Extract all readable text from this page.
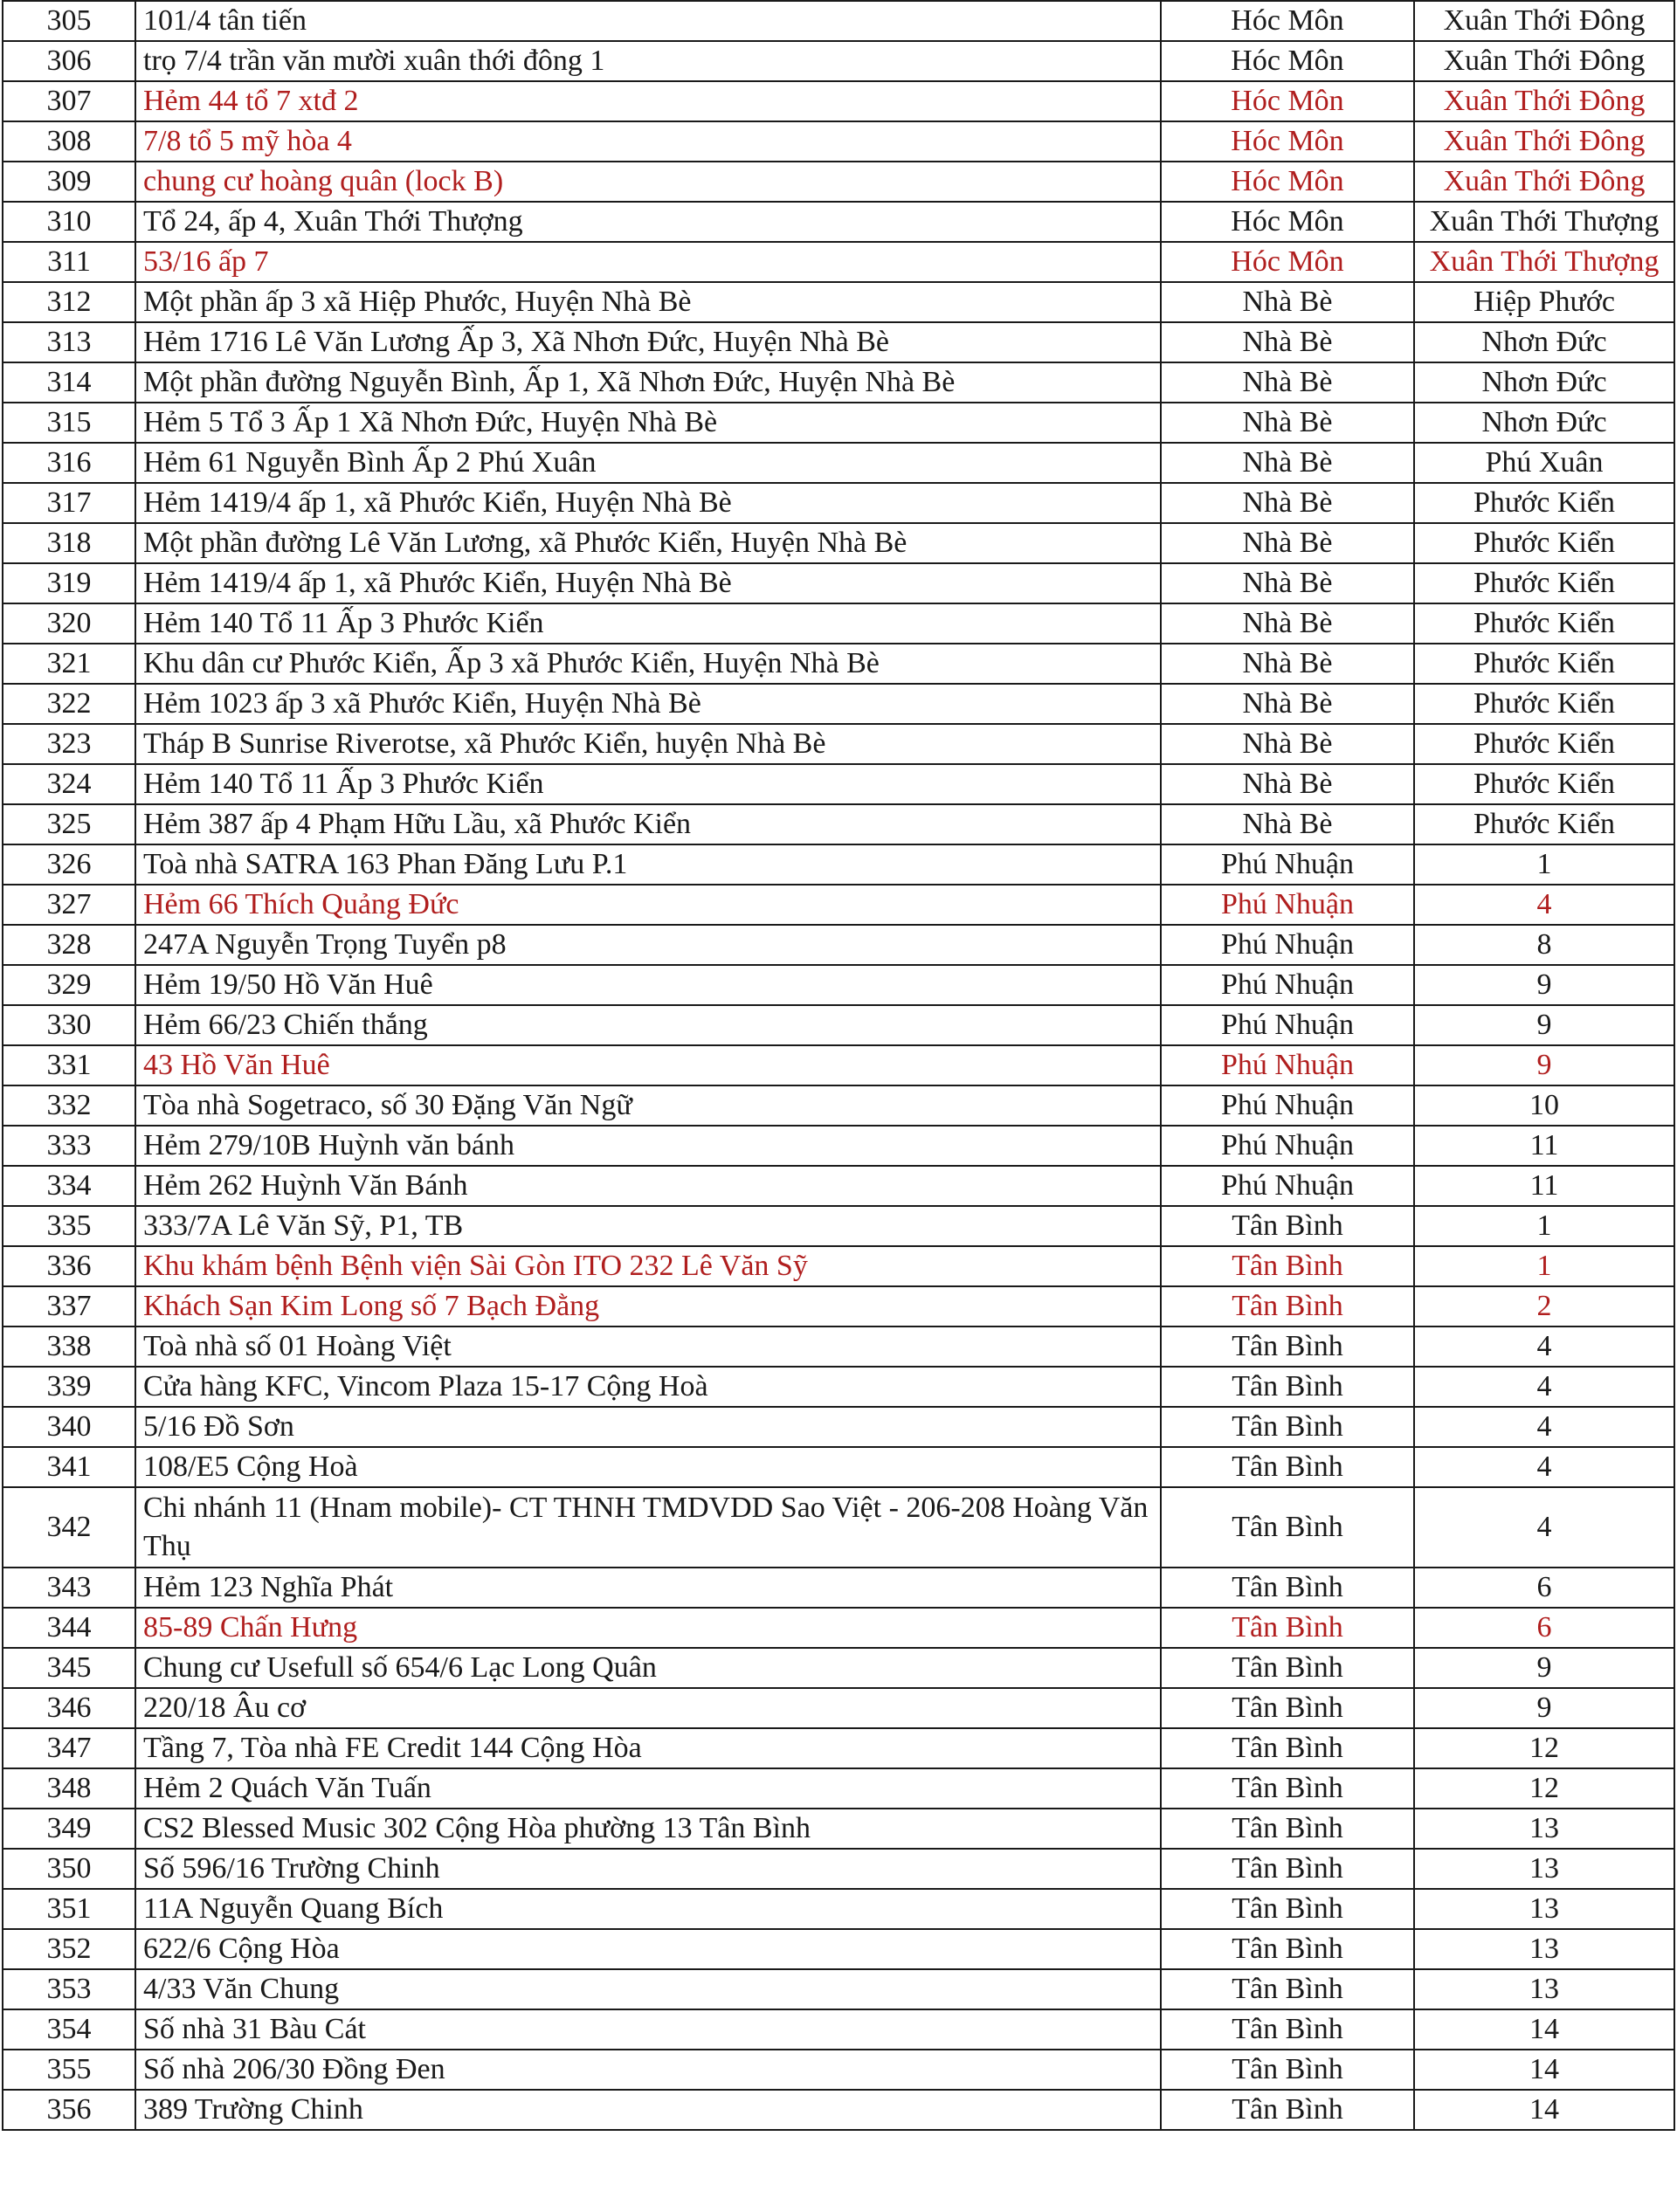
305	101/4 tân tiến	Hóc Môn	Xuân Thới Đông
306	trọ 7/4 trần văn mười xuân thới đông 1	Hóc Môn	Xuân Thới Đông
307	Hẻm 44 tổ 7 xtđ 2	Hóc Môn	Xuân Thới Đông
308	7/8 tổ 5 mỹ hòa 4	Hóc Môn	Xuân Thới Đông
309	chung cư hoàng quân (lock B)	Hóc Môn	Xuân Thới Đông
310	Tổ 24, ấp 4, Xuân Thới Thượng	Hóc Môn	Xuân Thới Thượng
311	53/16 ấp 7	Hóc Môn	Xuân Thới Thượng
312	Một phần ấp 3 xã Hiệp Phước, Huyện Nhà Bè	Nhà Bè	Hiệp Phước
313	Hẻm 1716 Lê Văn Lương Ấp 3, Xã Nhơn Đức, Huyện Nhà Bè	Nhà Bè	Nhơn Đức
314	Một phần đường Nguyễn Bình, Ấp 1, Xã Nhơn Đức, Huyện Nhà Bè	Nhà Bè	Nhơn Đức
315	Hẻm 5 Tổ 3 Ấp 1 Xã Nhơn Đức, Huyện Nhà Bè	Nhà Bè	Nhơn Đức
316	Hẻm 61 Nguyễn Bình Ấp 2 Phú Xuân	Nhà Bè	Phú Xuân
317	Hẻm 1419/4 ấp 1, xã Phước Kiển, Huyện Nhà Bè	Nhà Bè	Phước Kiển
318	Một phần đường Lê Văn Lương, xã Phước Kiển, Huyện Nhà Bè	Nhà Bè	Phước Kiển
319	Hẻm 1419/4 ấp 1, xã Phước Kiển, Huyện Nhà Bè	Nhà Bè	Phước Kiển
320	Hẻm 140 Tổ 11 Ấp 3 Phước Kiển	Nhà Bè	Phước Kiển
321	Khu dân cư Phước Kiển, Ấp 3 xã Phước Kiển, Huyện Nhà Bè	Nhà Bè	Phước Kiển
322	Hẻm 1023 ấp 3 xã Phước Kiển, Huyện Nhà Bè	Nhà Bè	Phước Kiển
323	Tháp B Sunrise Riverotse, xã Phước Kiển, huyện Nhà Bè	Nhà Bè	Phước Kiển
324	Hẻm 140 Tổ 11 Ấp 3 Phước Kiển	Nhà Bè	Phước Kiển
325	Hẻm 387 ấp 4 Phạm Hữu Lầu, xã Phước Kiển	Nhà Bè	Phước Kiển
326	Toà nhà SATRA 163 Phan Đăng Lưu P.1	Phú Nhuận	1
327	Hẻm 66 Thích Quảng Đức	Phú Nhuận	4
328	247A Nguyễn Trọng Tuyển p8	Phú Nhuận	8
329	Hẻm 19/50 Hồ Văn Huê	Phú Nhuận	9
330	Hẻm 66/23 Chiến thắng	Phú Nhuận	9
331	43 Hồ Văn Huê	Phú Nhuận	9
332	Tòa nhà Sogetraco, số 30 Đặng Văn Ngữ	Phú Nhuận	10
333	Hẻm 279/10B Huỳnh văn bánh	Phú Nhuận	11
334	Hẻm 262 Huỳnh Văn Bánh	Phú Nhuận	11
335	333/7A Lê Văn Sỹ, P1, TB	Tân Bình	1
336	Khu khám bệnh Bệnh viện Sài Gòn ITO 232 Lê Văn Sỹ	Tân Bình	1
337	Khách Sạn Kim Long số 7 Bạch Đằng	Tân Bình	2
338	Toà nhà số 01 Hoàng Việt	Tân Bình	4
339	Cửa hàng KFC, Vincom Plaza 15-17 Cộng Hoà	Tân Bình	4
340	5/16 Đồ Sơn	Tân Bình	4
341	108/E5 Cộng Hoà	Tân Bình	4
342	Chi nhánh 11 (Hnam mobile)- CT THNH TMDVDD Sao Việt - 206-208 Hoàng Văn Thụ	Tân Bình	4
343	Hẻm 123 Nghĩa Phát	Tân Bình	6
344	85-89 Chấn Hưng	Tân Bình	6
345	Chung cư Usefull số 654/6 Lạc Long Quân	Tân Bình	9
346	220/18 Âu cơ	Tân Bình	9
347	Tầng 7, Tòa nhà FE Credit 144 Cộng Hòa	Tân Bình	12
348	Hẻm 2 Quách Văn Tuấn	Tân Bình	12
349	CS2 Blessed Music 302 Cộng Hòa phường 13 Tân Bình	Tân Bình	13
350	Số 596/16 Trường Chinh	Tân Bình	13
351	11A Nguyễn Quang Bích	Tân Bình	13
352	622/6 Cộng Hòa	Tân Bình	13
353	4/33 Văn Chung	Tân Bình	13
354	Số nhà 31 Bàu Cát	Tân Bình	14
355	Số nhà 206/30 Đồng Đen	Tân Bình	14
356	389 Trường Chinh	Tân Bình	14
